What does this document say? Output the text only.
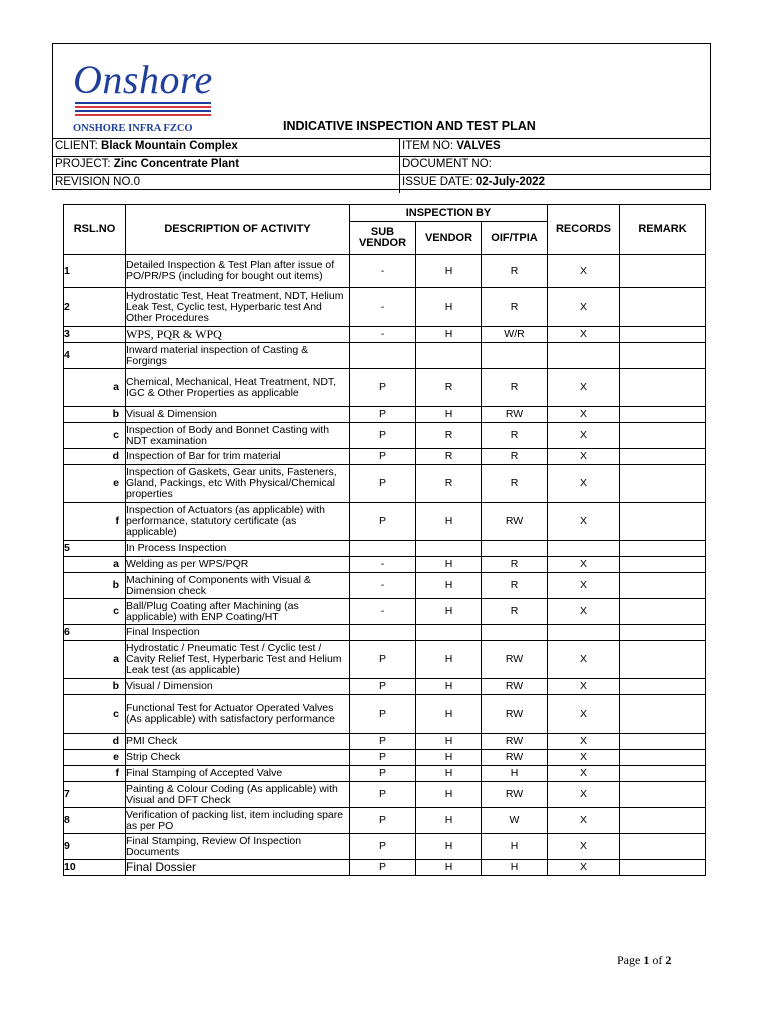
Onshore
ONSHORE INFRA FZCO	INDICATIVE INSPECTION AND TEST PLAN
CLIENT: Black Mountain Complex	ITEM NO: VALVES
PROJECT: Zinc Concentrate Plant	DOCUMENT NO:
REVISION NO.0	ISSUE DATE: 02-July-2022
RSL.NO	DESCRIPTION OF ACTIVITY	INSPECTION BY			RECORDS	REMARK
		SUB VENDOR	VENDOR	OIF/TPIA		
1	Detailed Inspection & Test Plan after issue of PO/PR/PS (including for bought out items)	-	H	R	X	
2	Hydrostatic Test, Heat Treatment, NDT, Helium Leak Test, Cyclic test, Hyperbaric test And Other Procedures	-	H	R	X	
3	WPS, PQR & WPQ	-	H	W/R	X	
4	Inward material inspection of Casting & Forgings					
a	Chemical, Mechanical, Heat Treatment, NDT, IGC & Other Properties as applicable	P	R	R	X	
b	Visual & Dimension	P	H	RW	X	
c	Inspection of Body and Bonnet Casting with NDT examination	P	R	R	X	
d	Inspection of Bar for trim material	P	R	R	X	
e	Inspection of Gaskets, Gear units, Fasteners, Gland, Packings, etc With Physical/Chemical properties	P	R	R	X	
f	Inspection of Actuators (as applicable) with performance, statutory certificate (as applicable)	P	H	RW	X	
5	In Process Inspection					
a	Welding as per WPS/PQR	-	H	R	X	
b	Machining of Components with Visual & Dimension check	-	H	R	X	
c	Ball/Plug Coating after Machining (as applicable) with ENP Coating/HT	-	H	R	X	
6	Final Inspection					
a	Hydrostatic / Pneumatic Test / Cyclic test / Cavity Relief Test, Hyperbaric Test and Helium Leak test (as applicable)	P	H	RW	X	
b	Visual / Dimension	P	H	RW	X	
c	Functional Test for Actuator Operated Valves (As applicable) with satisfactory performance	P	H	RW	X	
d	PMI Check	P	H	RW	X	
e	Strip Check	P	H	RW	X	
f	Final Stamping of Accepted Valve	P	H	H	X	
7	Painting & Colour Coding (As applicable) with Visual and DFT Check	P	H	RW	X	
8	Verification of packing list, item including spare as per PO	P	H	W	X	
9	Final Stamping, Review Of Inspection Documents	P	H	H	X	
10	Final Dossier	P	H	H	X	
Page 1 of 2
